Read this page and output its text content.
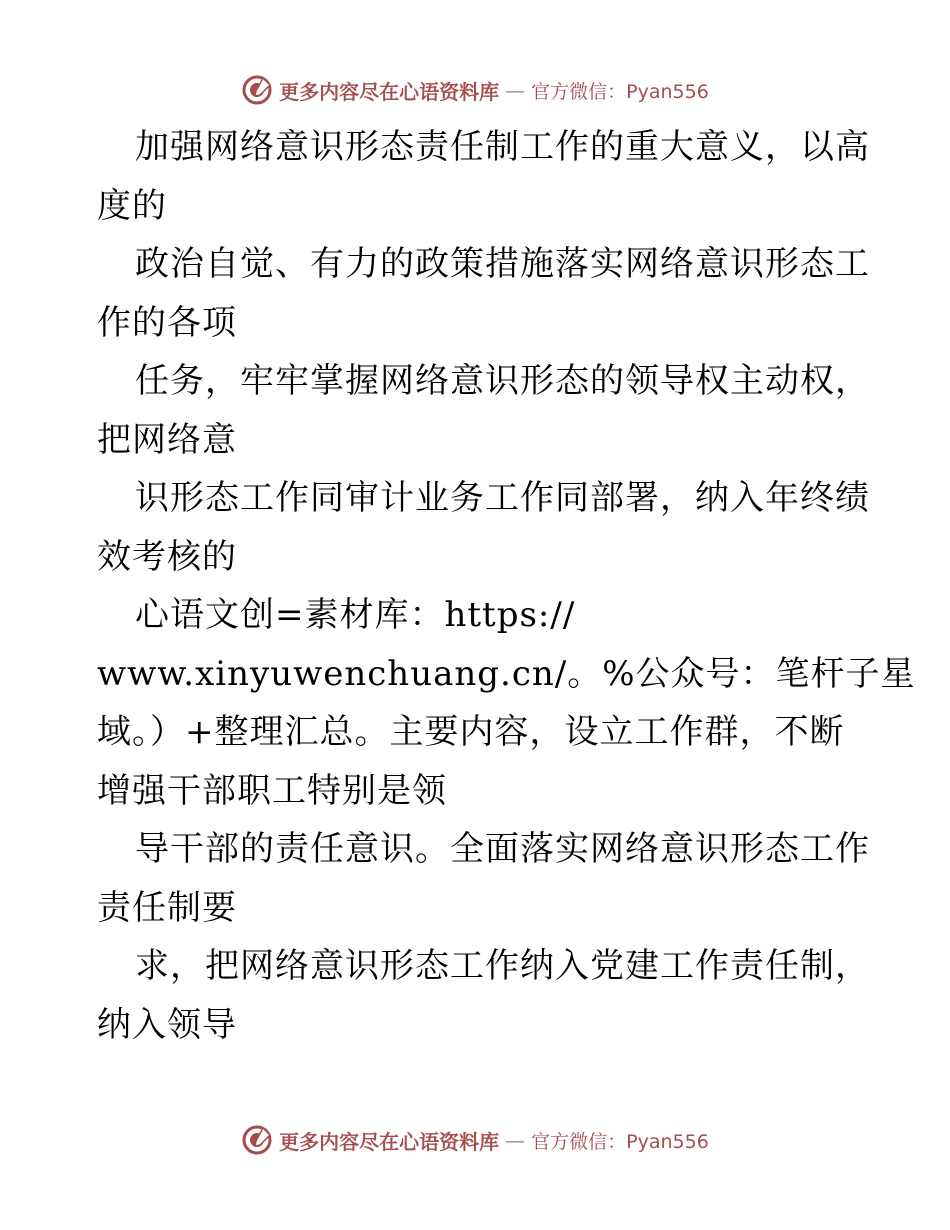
更多内容尽在心语资料库 — 官方微信：Pyan556
加强网络意识形态责任制工作的重大意义，以高
度的
政治自觉、有力的政策措施落实网络意识形态工
作的各项
任务，牢牢掌握网络意识形态的领导权主动权，
把网络意
识形态工作同审计业务工作同部署，纳入年终绩
效考核的
心语文创=素材库：https://
www.xinyuwenchuang.cn/。%公众号：笔杆子星
域。）+整理汇总。主要内容，设立工作群，不断
增强干部职工特别是领
导干部的责任意识。全面落实网络意识形态工作
责任制要
求，把网络意识形态工作纳入党建工作责任制，
纳入领导
更多内容尽在心语资料库 — 官方微信：Pyan556
